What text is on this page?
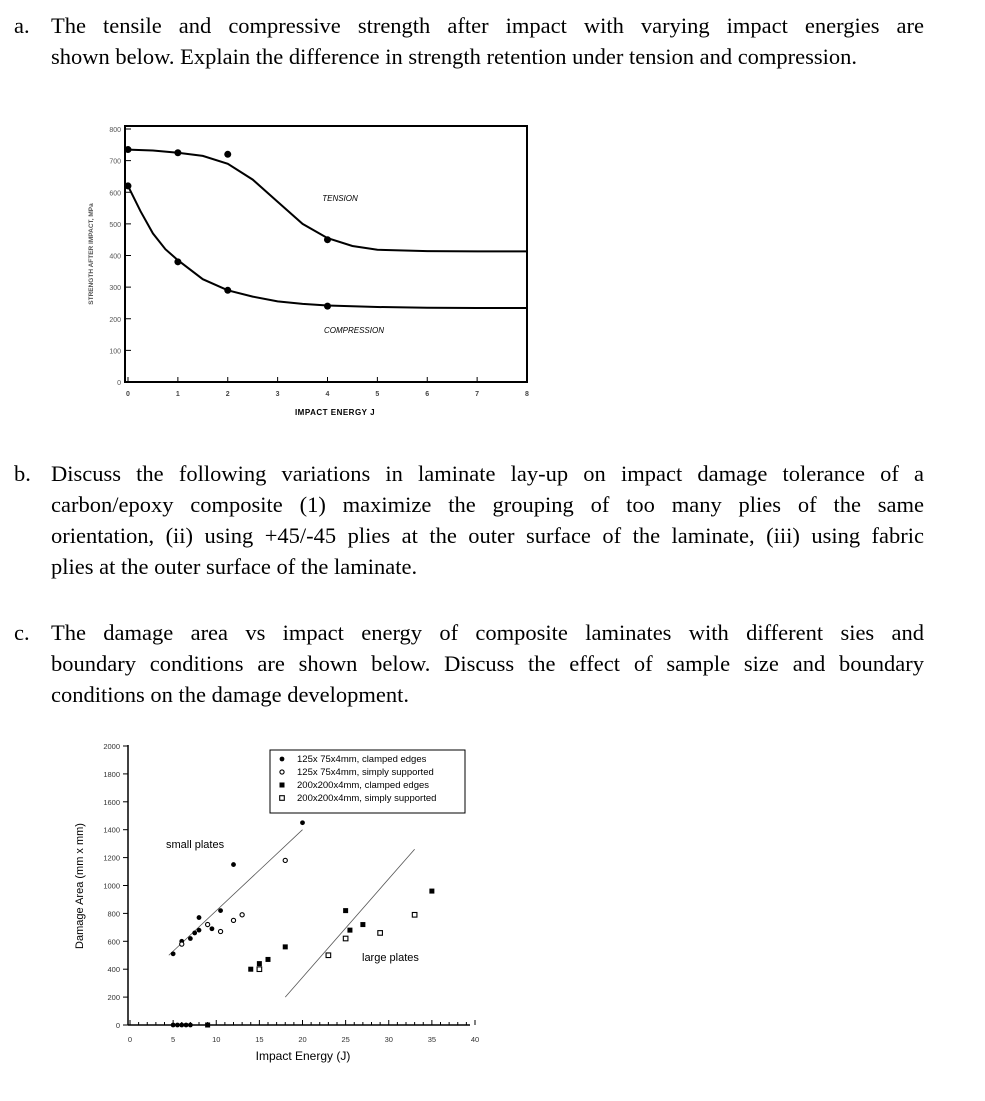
a. The tensile and compressive strength after impact with varying impact energies are
shown below. Explain the difference in strength retention under tension and compression.
b. Discuss the following variations in laminate lay-up on impact damage tolerance of a
carbon/epoxy composite (1) maximize the grouping of too many plies of the same
orientation, (ii) using +45/-45 plies at the outer surface of the laminate, (iii) using fabric
plies at the outer surface of the laminate.
c. The damage area vs impact energy of composite laminates with different sies and
boundary conditions are shown below. Discuss the effect of sample size and boundary
conditions on the damage development.
0
100
200
300
400
500
600
700
800
0	1	2	3	4	5	6	7	8
IMPACT ENERGY J
STRENGTH AFTER IMPACT, MPa
TENSION
COMPRESSION
0
200
400
600
800
1000
1200
1400
1600
1800
2000
0	5	10	15	20	25	30	35	40
Impact Energy (J)
Damage Area (mm x mm)	small plates
large plates
125x 75x4mm, clamped edges
125x 75x4mm, simply supported
200x200x4mm, clamped edges
200x200x4mm, simply supported
